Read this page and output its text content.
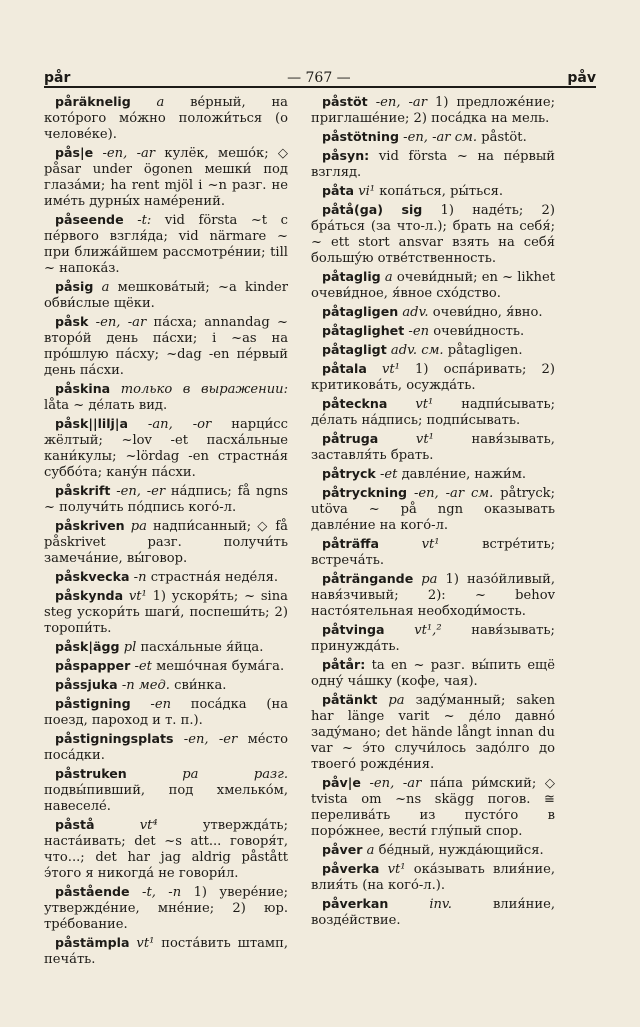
pår	— 767 —	påv

påräknelig a ве́рный, на кото́рого мо́жно положи́ться (о челове́ке).

pås|e -en, -ar кулёк, мешо́к; ◇ påsar under ögonen мешки́ под глаза́ми; ha rent mjöl i ~n разг. не име́ть дурны́х наме́рений.

påseende -t: vid första ~t с пе́рвого взгля́да; vid närmare ~ при ближа́йшем рассмотре́нии; till ~ напока́з.

påsig a мешкова́тый; ~a kinder обви́слые щёки.

påsk -en, -ar па́сха; annandag ~ второ́й день па́схи; i ~as на про́шлую па́сху; ~dag -en пе́рвый день па́схи.

påskina только в выражении: låta ~ де́лать вид.

påsk||lilj|a -an, -or нарци́сс жёлтый; ~lov -et пасха́льные кани́кулы; ~lördag -en страстна́я суббо́та; кану́н па́схи.

påskrift -en, -er на́дпись; få ngns ~ получи́ть по́дпись кого́-л.

påskriven pa надпи́санный; ◇ få påskrivet разг. получи́ть замеча́ние, вы́говор.

påskvecka -n страстна́я неде́ля.

påskynda vt¹ 1) ускоря́ть; ~ sina steg ускори́ть шаги́, поспеши́ть; 2) торопи́ть.

påsk|ägg pl пасха́льные я́йца.

påspapper -et мешо́чная бума́га.

påssjuka -n мед. сви́нка.

påstigning -en поса́дка (на поезд, пароход и т. п.).

påstigningsplats -en, -er ме́сто поса́дки.

påstruken	pa разг. подвы́пивший, под хмелько́м, навеселе́.

påstå	vt⁴	утвержда́ть; наста́ивать; det ~s att... говоря́т, что...; det har jag aldrig påstått э́того я никогда́ не говори́л.

påstående -t, -n 1) увере́ние; утвержде́ние, мне́ние; 2) юр. тре́бование.

påstämpla vt¹ поста́вить штамп, печа́ть.

påstöt -en, -ar 1) предложе́ние; приглаше́ние; 2) поса́дка на мель.

påstötning -en, -ar см. påstöt.

påsyn: vid första ~ на пе́рвый взгляд.

påta vi¹ копа́ться, ры́ться.

påtå(ga) sig 1) наде́ть; 2) бра́ться (за что-л.); брать на себя́; ~ ett stort ansvar взять на себя́ большу́ю отве́тственность.

påtaglig a очеви́дный; en ~ likhet очеви́дное, я́вное схо́дство.

påtagligen adv. очеви́дно, я́вно.

påtaglighet -en очеви́дность.

påtagligt adv. см. påtagligen.

påtala vt¹ 1) оспа́ривать; 2) критикова́ть, осужда́ть.

påteckna vt¹ надпи́сывать; де́лать на́дпись; подпи́сывать.

påtruga	vt¹	навя́зывать, заставля́ть брать.

påtryck -et давле́ние, нажи́м.

påtryckning -en, -ar см. påtryck; utöva ~ på ngn оказывать давле́ние на кого́-л.

påträffa	vt¹	встре́тить; встреча́ть.

påträngande pa 1) назо́йливый, навя́зчивый; 2): ~ behov насто́ятельная необходи́мость.

påtvinga vt¹,² навя́зывать; принужда́ть.

påtår: ta en ~ разг. вы́пить ещё одну́ ча́шку (кофе, чая).

påtänkt pa заду́манный; saken har länge varit ~ де́ло давно́ заду́мано; det hände långt innan du var ~ э́то случи́лось задо́лго до твоего́ рожде́ния.

påv|e -en, -ar па́па ри́мский; ◇ tvista om ~ns skägg погов. ≅ перелива́ть из пусто́го в поро́жнее, вести́ глу́пый спор.

påver a бе́дный, нужда́ющийся.

påverka vt¹ ока́зывать влия́ние, влия́ть (на кого́-л.).

påverkan	inv.	влия́ние, возде́йствие.
